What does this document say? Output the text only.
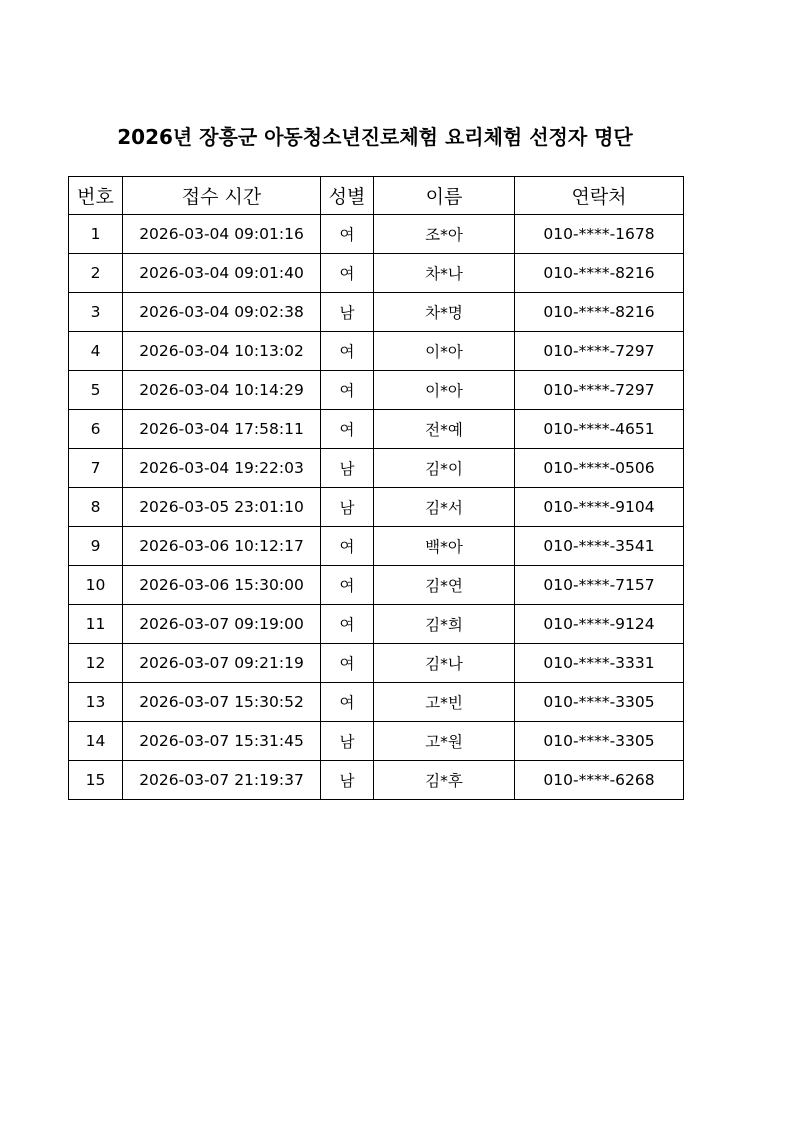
2026년 장흥군 아동청소년진로체험 요리체험 선정자 명단
번호	접수 시간	성별	이름	연락처
1	2026-03-04 09:01:16	여	조*아	010-****-1678
2	2026-03-04 09:01:40	여	차*나	010-****-8216
3	2026-03-04 09:02:38	남	차*명	010-****-8216
4	2026-03-04 10:13:02	여	이*아	010-****-7297
5	2026-03-04 10:14:29	여	이*아	010-****-7297
6	2026-03-04 17:58:11	여	전*예	010-****-4651
7	2026-03-04 19:22:03	남	김*이	010-****-0506
8	2026-03-05 23:01:10	남	김*서	010-****-9104
9	2026-03-06 10:12:17	여	백*아	010-****-3541
10	2026-03-06 15:30:00	여	김*연	010-****-7157
11	2026-03-07 09:19:00	여	김*희	010-****-9124
12	2026-03-07 09:21:19	여	김*나	010-****-3331
13	2026-03-07 15:30:52	여	고*빈	010-****-3305
14	2026-03-07 15:31:45	남	고*원	010-****-3305
15	2026-03-07 21:19:37	남	김*후	010-****-6268
